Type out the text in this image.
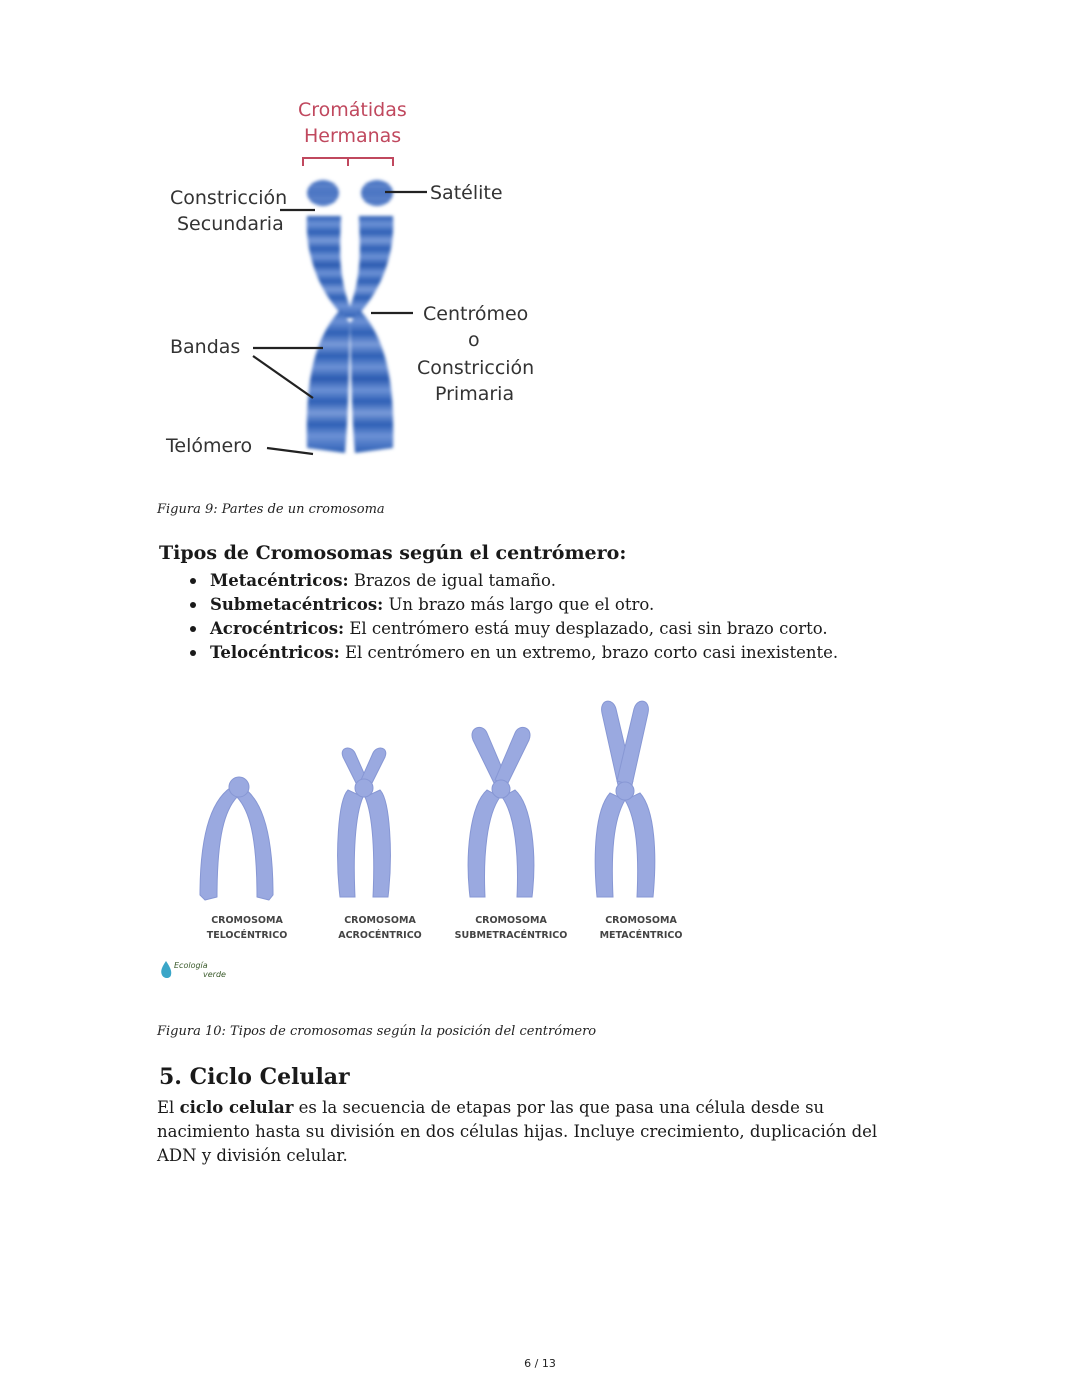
Cromátidas
Hermanas
Constricción
Secundaria
Satélite
Centrómeo
o
Constricción
Primaria
Bandas
Telómero
Figura 9: Partes de un cromosoma
Tipos de Cromosomas según el centrómero:
Metacéntricos: Brazos de igual tamaño.
Submetacéntricos: Un brazo más largo que el otro.
Acrocéntricos: El centrómero está muy desplazado, casi sin brazo corto.
Telocéntricos: El centrómero en un extremo, brazo corto casi inexistente.
CROMOSOMA
TELOCÉNTRICO
CROMOSOMA
ACROCÉNTRICO
CROMOSOMA
SUBMETRACÉNTRICO
CROMOSOMA
METACÉNTRICO
Ecología
verde
Figura 10: Tipos de cromosomas según la posición del centrómero
5. Ciclo Celular
El ciclo celular es la secuencia de etapas por las que pasa una célula desde su nacimiento hasta su división en dos células hijas. Incluye crecimiento, duplicación del ADN y división celular.
6 / 13
